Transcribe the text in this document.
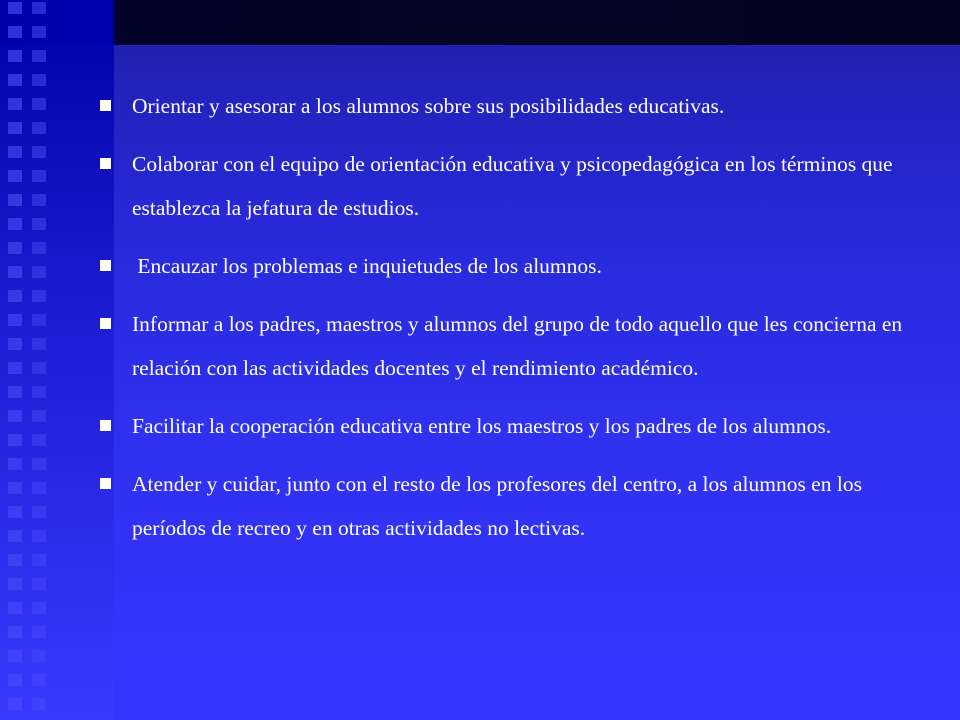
Orientar y asesorar a los alumnos sobre sus posibilidades educativas.

Colaborar con el equipo de orientación educativa y psicopedagógica en los términos que establezca la jefatura de estudios.

Encauzar los problemas e inquietudes de los alumnos.

Informar a los padres, maestros y alumnos del grupo de todo aquello que les concierna en relación con las actividades docentes y el rendimiento académico.

Facilitar la cooperación educativa entre los maestros y los padres de los alumnos.

Atender y cuidar, junto con el resto de los profesores del centro, a los alumnos en los períodos de recreo y en otras actividades no lectivas.
